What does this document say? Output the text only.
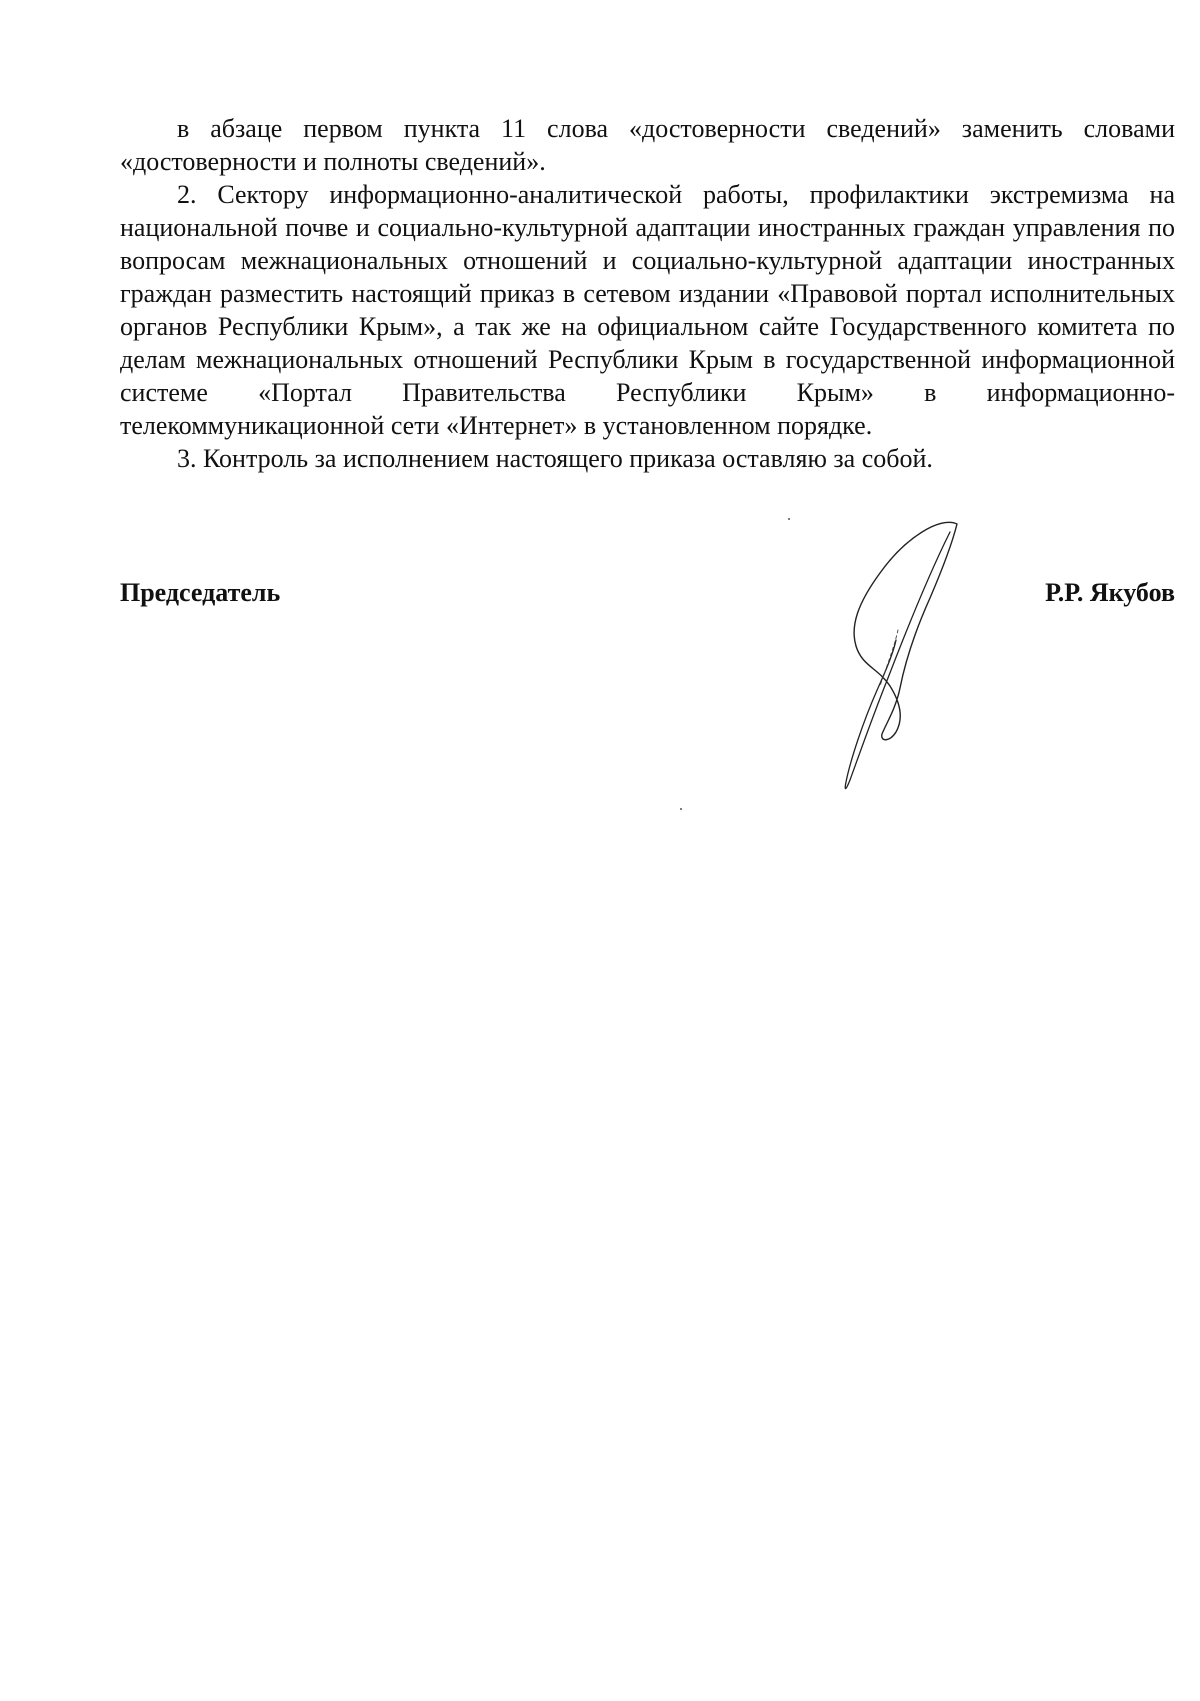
в абзаце первом пункта 11 слова «достоверности сведений» заменить словами «достоверности и полноты сведений».

2. Сектору информационно-аналитической работы, профилактики экстремизма на национальной почве и социально-культурной адаптации иностранных граждан управления по вопросам межнациональных отношений и социально-культурной адаптации иностранных граждан разместить настоящий приказ в сетевом издании «Правовой портал исполнительных органов Республики Крым», а так же на официальном сайте Государственного комитета по делам межнациональных отношений Республики Крым в государственной информационной системе «Портал Правительства Республики Крым» в информационно-телекоммуникационной сети «Интернет» в установленном порядке.

3. Контроль за исполнением настоящего приказа оставляю за собой.

Председатель	Р.Р. Якубов
